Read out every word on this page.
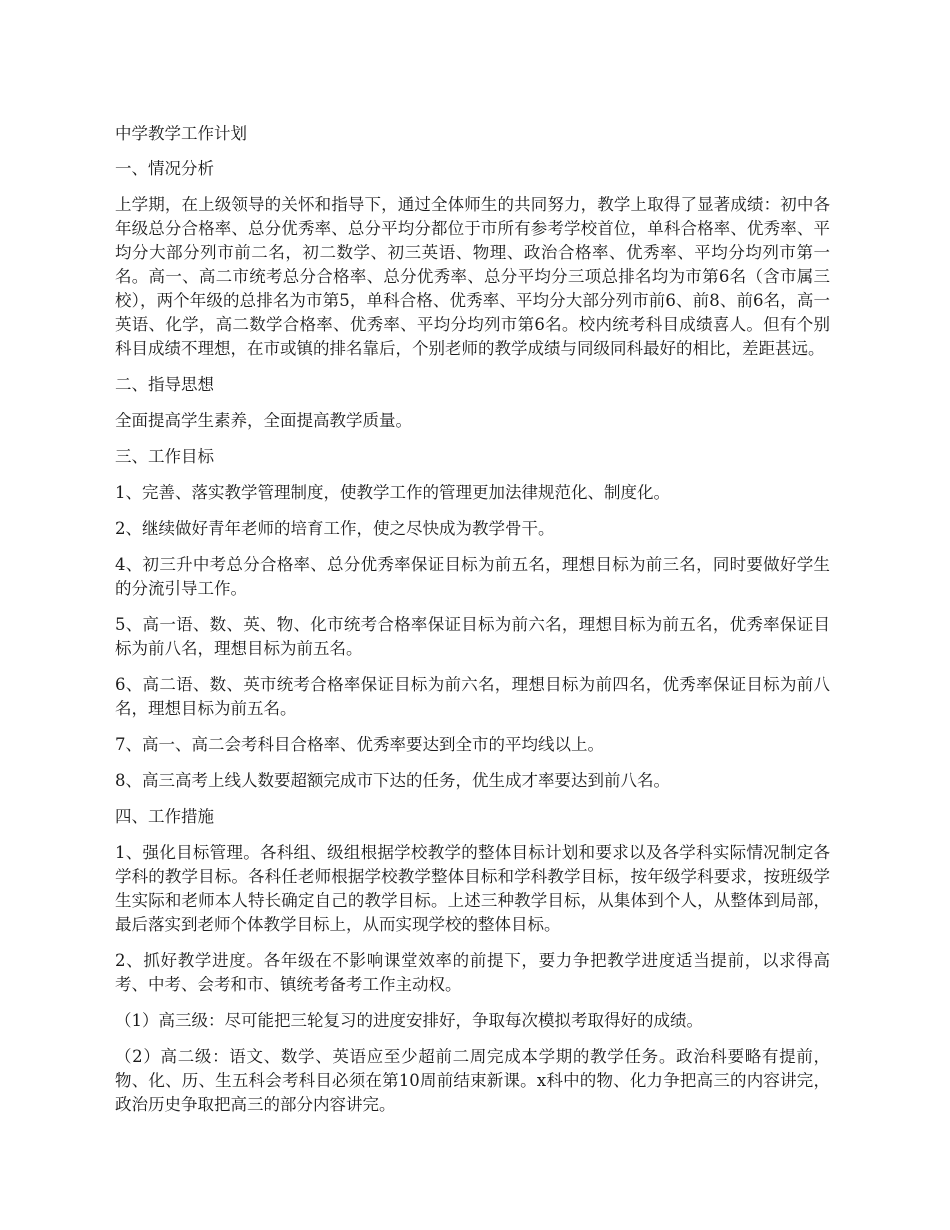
中学教学工作计划

一、情况分析

上学期，在上级领导的关怀和指导下，通过全体师生的共同努力，教学上取得了显著成绩：初中各年级总分合格率、总分优秀率、总分平均分都位于市所有参考学校首位，单科合格率、优秀率、平均分大部分列市前二名，初二数学、初三英语、物理、政治合格率、优秀率、平均分均列市第一名。高一、高二市统考总分合格率、总分优秀率、总分平均分三项总排名均为市第6名（含市属三校），两个年级的总排名为市第5，单科合格、优秀率、平均分大部分列市前6、前8、前6名，高一英语、化学，高二数学合格率、优秀率、平均分均列市第6名。校内统考科目成绩喜人。但有个别科目成绩不理想，在市或镇的排名靠后，个别老师的教学成绩与同级同科最好的相比，差距甚远。

二、指导思想

全面提高学生素养，全面提高教学质量。

三、工作目标

1、完善、落实教学管理制度，使教学工作的管理更加法律规范化、制度化。

2、继续做好青年老师的培育工作，使之尽快成为教学骨干。

4、初三升中考总分合格率、总分优秀率保证目标为前五名，理想目标为前三名，同时要做好学生的分流引导工作。

5、高一语、数、英、物、化市统考合格率保证目标为前六名，理想目标为前五名，优秀率保证目标为前八名，理想目标为前五名。

6、高二语、数、英市统考合格率保证目标为前六名，理想目标为前四名，优秀率保证目标为前八名，理想目标为前五名。

7、高一、高二会考科目合格率、优秀率要达到全市的平均线以上。

8、高三高考上线人数要超额完成市下达的任务，优生成才率要达到前八名。

四、工作措施

1、强化目标管理。各科组、级组根据学校教学的整体目标计划和要求以及各学科实际情况制定各学科的教学目标。各科任老师根据学校教学整体目标和学科教学目标，按年级学科要求，按班级学生实际和老师本人特长确定自己的教学目标。上述三种教学目标，从集体到个人，从整体到局部，最后落实到老师个体教学目标上，从而实现学校的整体目标。

2、抓好教学进度。各年级在不影响课堂效率的前提下，要力争把教学进度适当提前，以求得高考、中考、会考和市、镇统考备考工作主动权。

（1）高三级：尽可能把三轮复习的进度安排好，争取每次模拟考取得好的成绩。

（2）高二级：语文、数学、英语应至少超前二周完成本学期的教学任务。政治科要略有提前，物、化、历、生五科会考科目必须在第10周前结束新课。x科中的物、化力争把高三的内容讲完，政治历史争取把高三的部分内容讲完。
